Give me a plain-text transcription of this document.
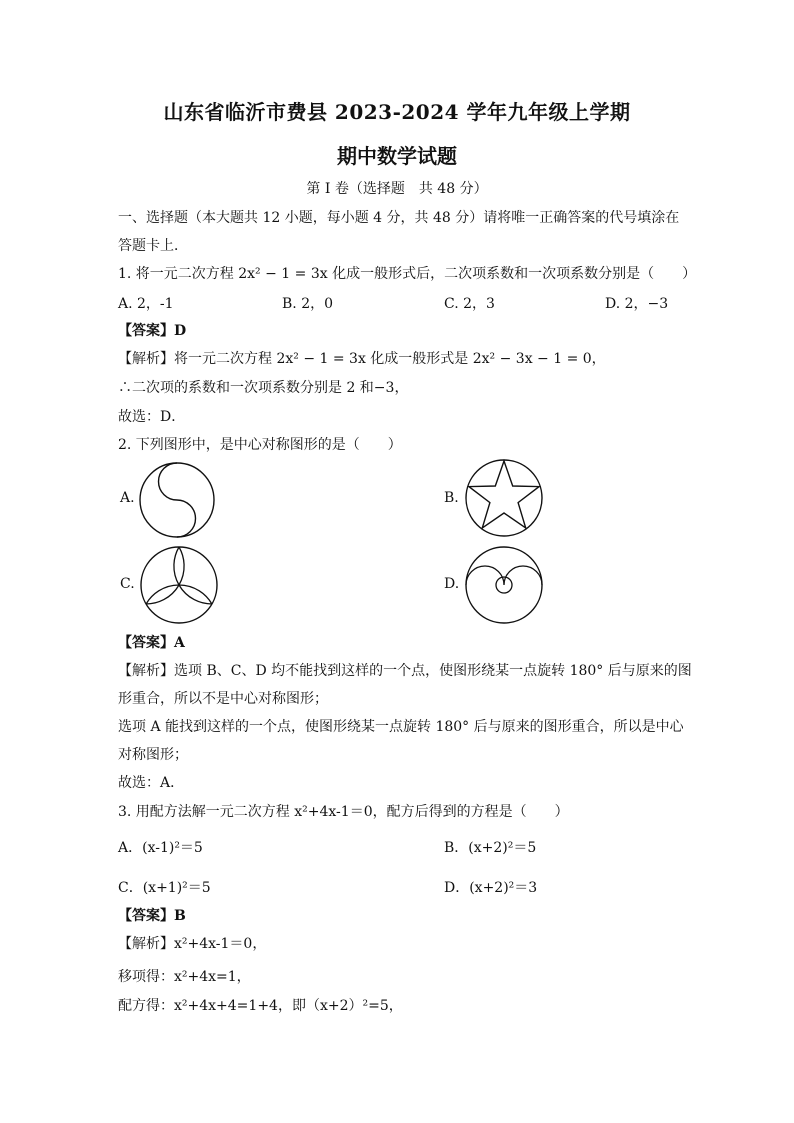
山东省临沂市费县 2023-2024 学年九年级上学期
期中数学试题
第 I 卷（选择题　共 48 分）
一、选择题（本大题共 12 小题，每小题 4 分，共 48 分）请将唯一正确答案的代号填涂在
答题卡上．
1. 将一元二次方程 2x² − 1 = 3x 化成一般形式后，二次项系数和一次项系数分别是（　　）
A. 2，-1	B. 2，0	C. 2，3	D. 2，−3
【答案】D
【解析】将一元二次方程 2x² − 1 = 3x 化成一般形式是 2x² − 3x − 1 = 0，
∴二次项的系数和一次项系数分别是 2 和−3，
故选：D．
2. 下列图形中，是中心对称图形的是（　　）
A.	B.
C.	D.
【答案】A
【解析】选项 B、C、D 均不能找到这样的一个点，使图形绕某一点旋转 180° 后与原来的图
形重合，所以不是中心对称图形；
选项 A 能找到这样的一个点，使图形绕某一点旋转 180° 后与原来的图形重合，所以是中心
对称图形；
故选：A．
3. 用配方法解一元二次方程 x²+4x-1＝0，配方后得到的方程是（　　）
A．(x-1)²＝5	B．(x+2)²＝5
C．(x+1)²＝5	D．(x+2)²＝3
【答案】B
【解析】x²+4x-1＝0，
移项得：x²+4x=1，
配方得：x²+4x+4=1+4，即（x+2）²=5，
